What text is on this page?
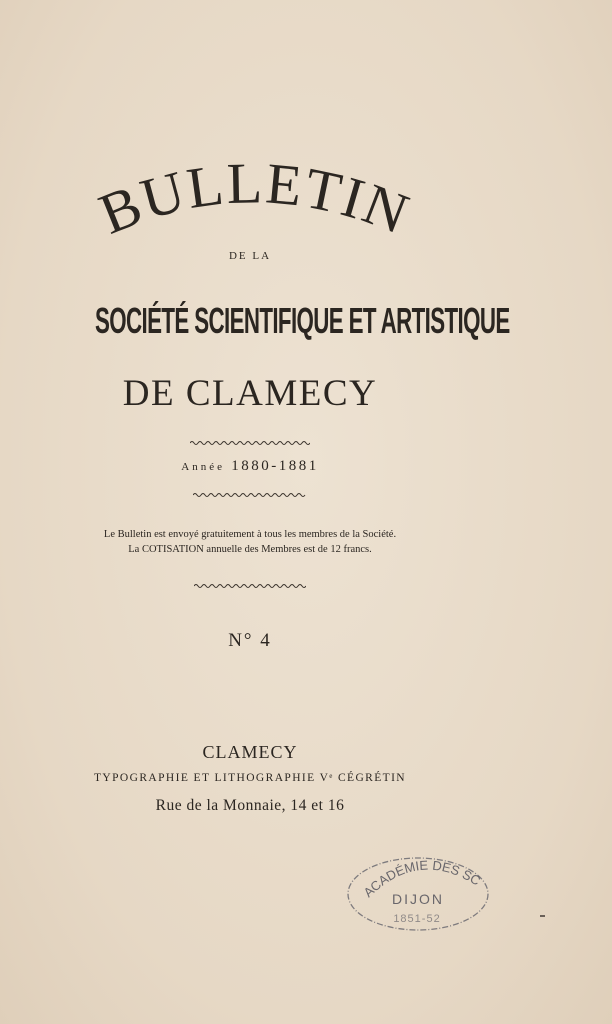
BULLETIN
DE LA
SOCIÉTÉ SCIENTIFIQUE ET ARTISTIQUE
DE CLAMECY
Année 1880-1881
Le Bulletin est envoyé gratuitement à tous les membres de la Société.
La COTISATION annuelle des Membres est de 12 francs.
N° 4
CLAMECY
TYPOGRAPHIE ET LITHOGRAPHIE Vᵉ CÉGRÉTIN
Rue de la Monnaie, 14 et 16
ACADÉMIE DES SC
DIJON
1851-52
